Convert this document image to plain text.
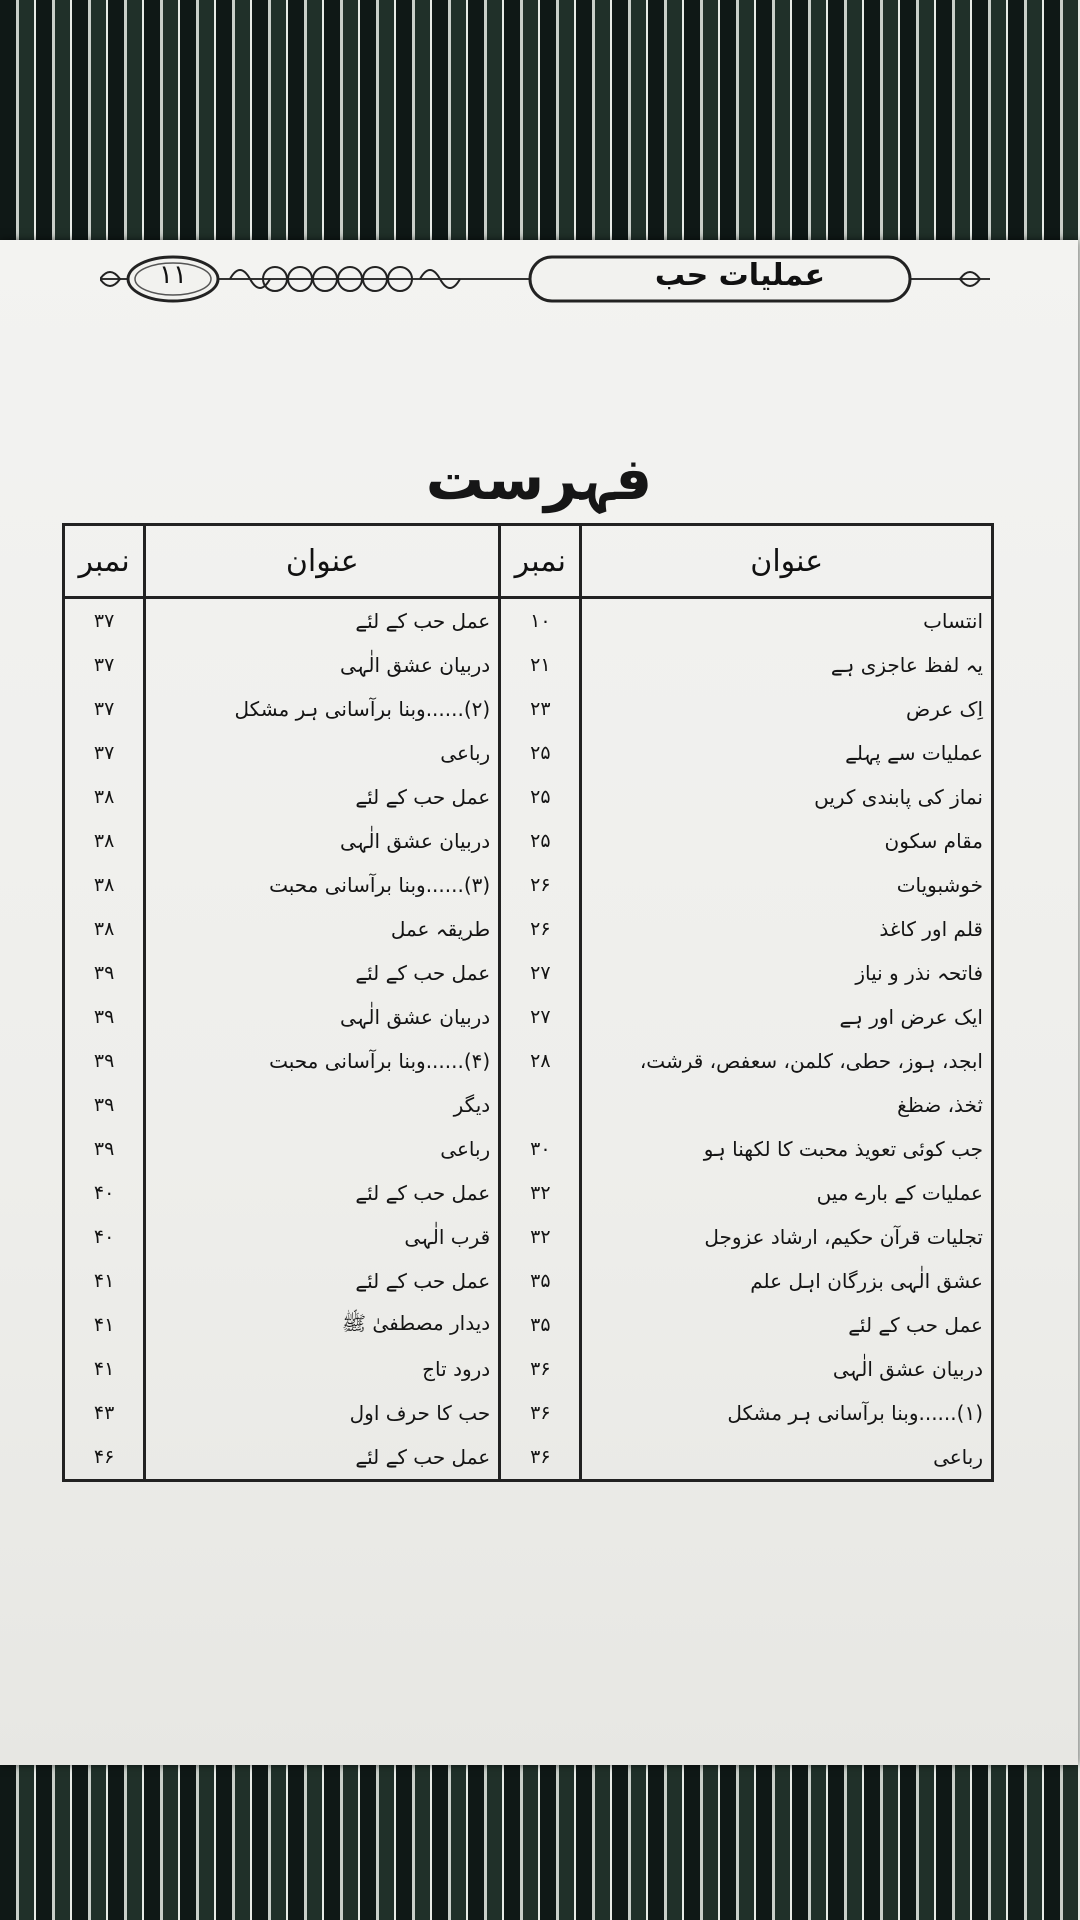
۱۱	عملیات حب
فہرست
عنوان	نمبر	عنوان	نمبر
انتساب	۱۰	عمل حب کے لئے	۳۷
یہ لفظ عاجزی ہے	۲۱	دربیان عشق الٰہی	۳۷
اِک عرض	۲۳	(۲)......وبنا برآسانی ہر مشکل	۳۷
عملیات سے پہلے	۲۵	رباعی	۳۷
نماز کی پابندی کریں	۲۵	عمل حب کے لئے	۳۸
مقام سکون	۲۵	دربیان عشق الٰہی	۳۸
خوشبویات	۲۶	(۳)......وبنا برآسانی محبت	۳۸
قلم اور کاغذ	۲۶	طریقہ عمل	۳۸
فاتحہ نذر و نیاز	۲۷	عمل حب کے لئے	۳۹
ایک عرض اور ہے	۲۷	دربیان عشق الٰہی	۳۹
ابجد، ہوز، حطی، کلمن، سعفص، قرشت،	۲۸	(۴)......وبنا برآسانی محبت	۳۹
ثخذ، ضظغ		دیگر	۳۹
جب کوئی تعویذ محبت کا لکھنا ہو	۳۰	رباعی	۳۹
عملیات کے بارے میں	۳۲	عمل حب کے لئے	۴۰
تجلیات قرآن حکیم، ارشاد عزوجل	۳۲	قرب الٰہی	۴۰
عشق الٰہی بزرگان اہل علم	۳۵	عمل حب کے لئے	۴۱
عمل حب کے لئے	۳۵	دیدار مصطفیٰ ﷺ	۴۱
دربیان عشق الٰہی	۳۶	درود تاج	۴۱
(۱)......وبنا برآسانی ہر مشکل	۳۶	حب کا حرف اول	۴۳
رباعی	۳۶	عمل حب کے لئے	۴۶
